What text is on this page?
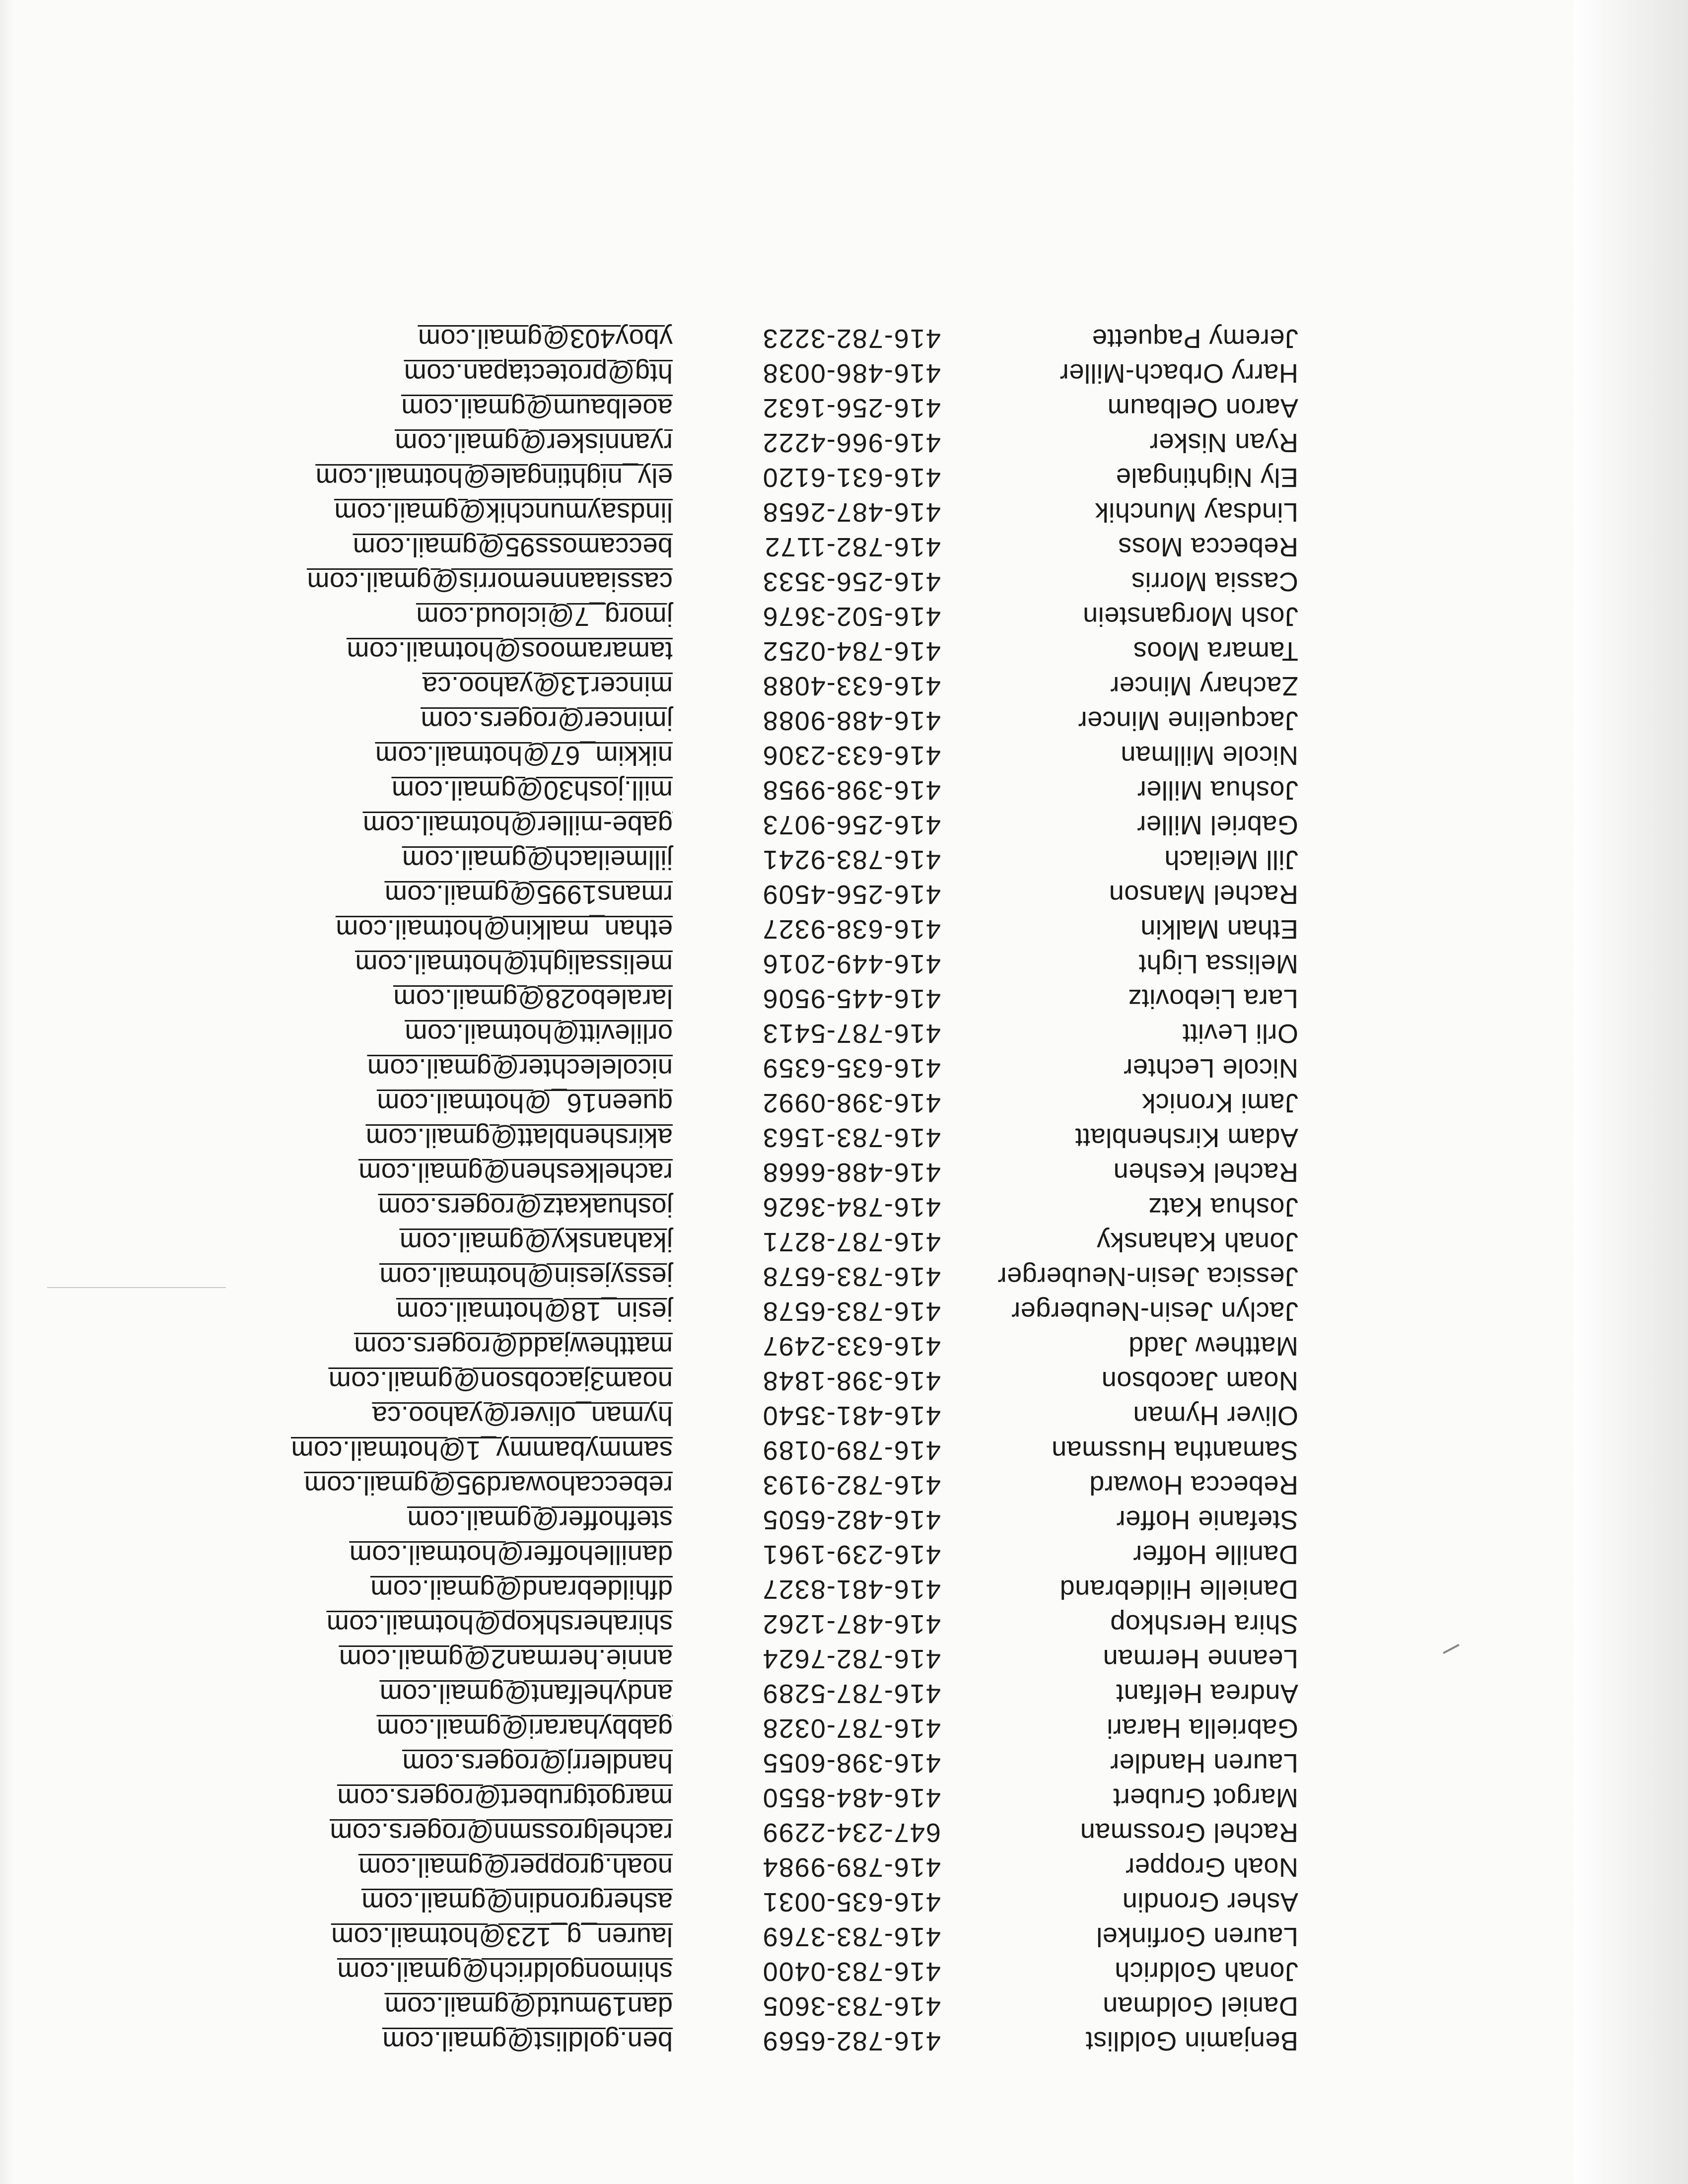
Benjamin Goldlist
416-782-6569
ben.goldlist@gmail.com
Daniel Goldman
416-783-3605
dan19mutd@gmail.com
Jonah Goldrich
416-783-0400
shimongoldrich@gmail.com
Lauren Gorfinkel
416-783-3769
lauren_g_123@hotmail.com
Asher Grondin
416-635-0031
ashergrondin@gmail.com
Noah Gropper
416-789-9984
noah.gropper@gmail.com
Rachel Grossman
647-234-2299
rachelgrossmn@rogers.com
Margot Grubert
416-484-8550
margotgrubert@rogers.com
Lauren Handler
416-398-6055
handlerrj@rogers.com
Gabriella Harari
416-787-0328
gabbyharari@gmail.com
Andrea Helfant
416-787-5289
andyhelfant@gmail.com
Leanne Herman
416-782-7624
annie.herman2@gmail.com
Shira Hershkop
416-487-1262
shirahershkop@hotmail.com
Danielle Hildebrand
416-481-8327
dfhildebrand@gmail.com
Danille Hoffer
416-239-1961
danillehoffer@hotmail.com
Stefanie Hoffer
416-482-6505
stefhoffer@gmail.com
Rebecca Howard
416-782-9193
rebeccahoward95@gmail.com
Samantha Hussman
416-789-0189
sammybammy_1@hotmail.com
Oliver Hyman
416-481-3540
hyman_oliver@yahoo.ca
Noam Jacobson
416-398-1848
noam3jacobson@gmail.com
Matthew Jadd
416-633-2497
matthewjadd@rogers.com
Jaclyn Jesin-Neuberger
416-783-6578
jesin_18@hotmail.com
Jessica Jesin-Neuberger
416-783-6578
jessyjesin@hotmail.com
Jonah Kahansky
416-787-8271
jkahansky@gmail.com
Joshua Katz
416-784-3626
joshuakatz@rogers.com
Rachel Keshen
416-488-6668
rachelkeshen@gmail.com
Adam Kirshenblatt
416-783-1563
akirshenblatt@gmail.com
Jami Kronick
416-398-0992
queen16_@hotmail.com
Nicole Lechter
416-635-6359
nicolelechter@gmail.com
Orli Levitt
416-787-5413
orlilevitt@hotmail.com
Lara Liebovitz
416-445-9506
laralebo28@gmail.com
Melissa Light
416-449-2016
melissalight@hotmail.com
Ethan Malkin
416-638-9327
ethan_malkin@hotmail.com
Rachel Manson
416-256-4509
rmans1995@gmail.com
Jill Meilach
416-783-9241
jillmeilach@gmail.com
Gabriel Miller
416-256-9073
gabe-miller@hotmail.com
Joshua Miller
416-398-9958
mill.josh30@gmail.com
Nicole Millman
416-633-2306
nikkim_67@hotmail.com
Jacqueline Mincer
416-488-9088
jmincer@rogers.com
Zachary Mincer
416-633-4088
mincer13@yahoo.ca
Tamara Moos
416-784-0252
tamaramoos@hotmail.com
Josh Morganstein
416-502-3676
jmorg_7@icloud.com
Cassia Morris
416-256-3533
cassiaannemorris@gmail.com
Rebecca Moss
416-782-1172
beccamoss95@gmail.com
Lindsay Munchik
416-487-2658
lindsaymunchik@gmail.com
Ely Nightingale
416-631-6120
ely_nightingale@hotmail.com
Ryan Nisker
416-966-4222
ryannisker@gmail.com
Aaron Oelbaum
416-256-1632
aoelbaum@gmail.com
Harry Orbach-Miller
416-486-0038
htg@protectapan.com
Jeremy Paquette
416-782-3223
yboy403@gmail.com
